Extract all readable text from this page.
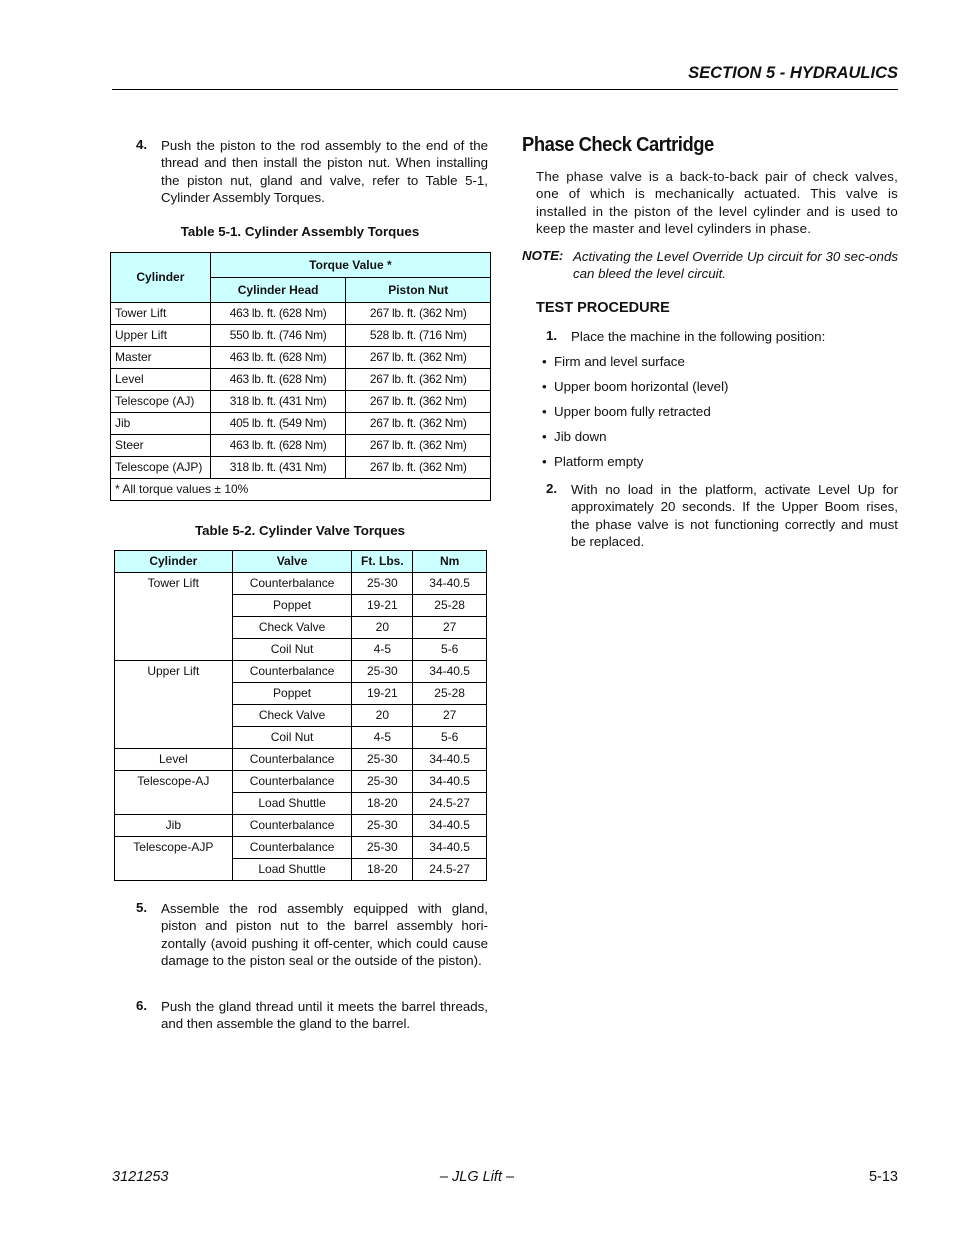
SECTION 5 - HYDRAULICS
4. Push the piston to the rod assembly to the end of the thread and then install the piston nut. When installing the piston nut, gland and valve, refer to Table 5-1, Cylinder Assembly Torques.
Table 5-1. Cylinder Assembly Torques
Cylinder	Torque Value *	
	Cylinder Head	Piston Nut
Tower Lift	463 lb. ft. (628 Nm)	267 lb. ft. (362 Nm)
Upper Lift	550 lb. ft. (746 Nm)	528 lb. ft. (716 Nm)
Master	463 lb. ft. (628 Nm)	267 lb. ft. (362 Nm)
Level	463 lb. ft. (628 Nm)	267 lb. ft. (362 Nm)
Telescope (AJ)	318 lb. ft. (431 Nm)	267 lb. ft. (362 Nm)
Jib	405 lb. ft. (549 Nm)	267 lb. ft. (362 Nm)
Steer	463 lb. ft. (628 Nm)	267 lb. ft. (362 Nm)
Telescope (AJP)	318 lb. ft. (431 Nm)	267 lb. ft. (362 Nm)
* All torque values ± 10%		
Table 5-2. Cylinder Valve Torques
Cylinder	Valve	Ft. Lbs.	Nm
Tower Lift	Counterbalance	25-30	34-40.5
	Poppet	19-21	25-28
	Check Valve	20	27
	Coil Nut	4-5	5-6
Upper Lift	Counterbalance	25-30	34-40.5
	Poppet	19-21	25-28
	Check Valve	20	27
	Coil Nut	4-5	5-6
Level	Counterbalance	25-30	34-40.5
Telescope-AJ	Counterbalance	25-30	34-40.5
	Load Shuttle	18-20	24.5-27
Jib	Counterbalance	25-30	34-40.5
Telescope-AJP	Counterbalance	25-30	34-40.5
	Load Shuttle	18-20	24.5-27
5. Assemble the rod assembly equipped with gland, piston and piston nut to the barrel assembly hori-zontally (avoid pushing it off-center, which could cause damage to the piston seal or the outside of the piston).
6. Push the gland thread until it meets the barrel threads, and then assemble the gland to the barrel.
Phase Check Cartridge
The phase valve is a back-to-back pair of check valves, one of which is mechanically actuated. This valve is installed in the piston of the level cylinder and is used to keep the master and level cylinders in phase.
NOTE: Activating the Level Override Up circuit for 30 sec-onds can bleed the level circuit.
TEST PROCEDURE
1. Place the machine in the following position:
•  Firm and level surface
•  Upper boom horizontal (level)
•  Upper boom fully retracted
•  Jib down
•  Platform empty
2. With no load in the platform, activate Level Up for approximately 20 seconds. If the Upper Boom rises, the phase valve is not functioning correctly and must be replaced.
3121253	– JLG Lift –	5-13
